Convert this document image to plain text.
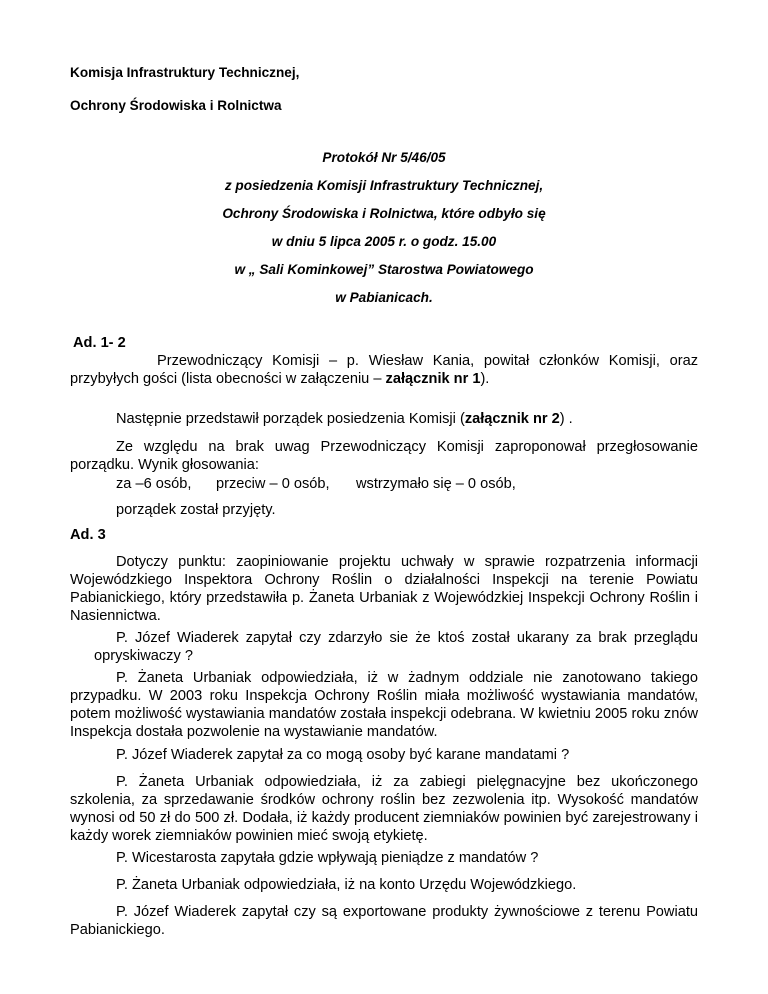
Komisja Infrastruktury Technicznej,
Ochrony Środowiska i Rolnictwa
Protokół Nr 5/46/05
z posiedzenia Komisji Infrastruktury Technicznej,
Ochrony Środowiska i Rolnictwa, które odbyło się
w dniu 5 lipca 2005 r. o godz. 15.00
w „ Sali Kominkowej” Starostwa Powiatowego
w Pabianicach.
Ad. 1- 2
Przewodniczący Komisji – p. Wiesław Kania, powitał członków Komisji, oraz przybyłych gości (lista obecności w załączeniu – załącznik nr 1).
Następnie przedstawił porządek posiedzenia Komisji (załącznik nr 2) .
Ze względu na brak uwag Przewodniczący Komisji zaproponował przegłosowanie porządku. Wynik głosowania:
za –6 osób, przeciw – 0 osób, wstrzymało się – 0 osób,
porządek został przyjęty.
Ad. 3
Dotyczy punktu: zaopiniowanie projektu uchwały w sprawie rozpatrzenia informacji Wojewódzkiego Inspektora Ochrony Roślin o działalności Inspekcji na terenie Powiatu Pabianickiego, który przedstawiła p. Żaneta Urbaniak z Wojewódzkiej Inspekcji Ochrony Roślin i Nasiennictwa.
P. Józef Wiaderek zapytał czy zdarzyło sie że ktoś został ukarany za brak przeglądu opryskiwaczy ?
P. Żaneta Urbaniak odpowiedziała, iż w żadnym oddziale nie zanotowano takiego przypadku. W 2003 roku Inspekcja Ochrony Roślin miała możliwość wystawiania mandatów, potem możliwość wystawiania mandatów została inspekcji odebrana. W kwietniu 2005 roku znów Inspekcja dostała pozwolenie na wystawianie mandatów.
P. Józef Wiaderek zapytał za co mogą osoby być karane mandatami ?
P. Żaneta Urbaniak odpowiedziała, iż za zabiegi pielęgnacyjne bez ukończonego szkolenia, za sprzedawanie środków ochrony roślin bez zezwolenia itp. Wysokość mandatów wynosi od 50 zł do 500 zł. Dodała, iż każdy producent ziemniaków powinien być zarejestrowany i każdy worek ziemniaków powinien mieć swoją etykietę.
P. Wicestarosta zapytała gdzie wpływają pieniądze z mandatów ?
P. Żaneta Urbaniak odpowiedziała, iż na konto Urzędu Wojewódzkiego.
P. Józef Wiaderek zapytał czy są exportowane produkty żywnościowe z terenu Powiatu Pabianickiego.
